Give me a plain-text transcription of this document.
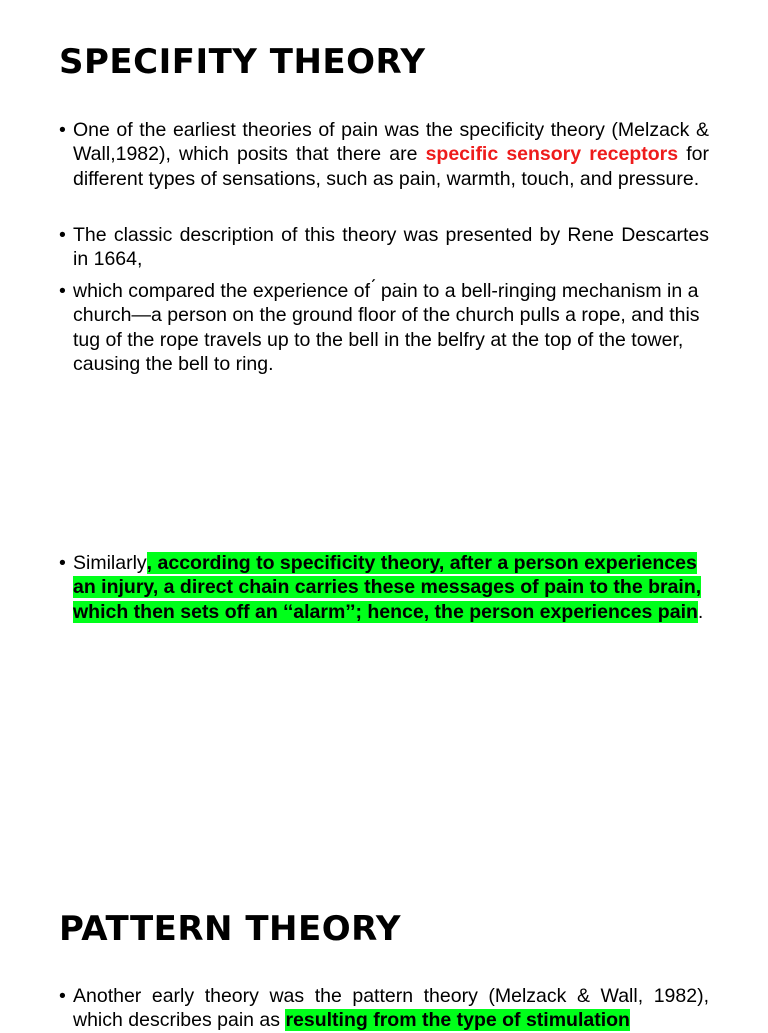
SPECIFITY THEORY
• One of the earliest theories of pain was the specificity theory (Melzack & Wall,1982), which posits that there are specific sensory receptors for different types of sensations, such as pain, warmth, touch, and pressure.
• The classic description of this theory was presented by Rene Descartes in 1664,
• which compared the experience of ́ pain to a bell-ringing mechanism in a church—a person on the ground floor of the church pulls a rope, and this tug of the rope travels up to the bell in the belfry at the top of the tower, causing the bell to ring.
• Similarly, according to specificity theory, after a person experiences an injury, a direct chain carries these messages of pain to the brain, which then sets off an ‘‘alarm’’; hence, the person experiences pain.
PATTERN THEORY
• Another early theory was the pattern theory (Melzack & Wall, 1982), which describes pain as resulting from the type of stimulation
